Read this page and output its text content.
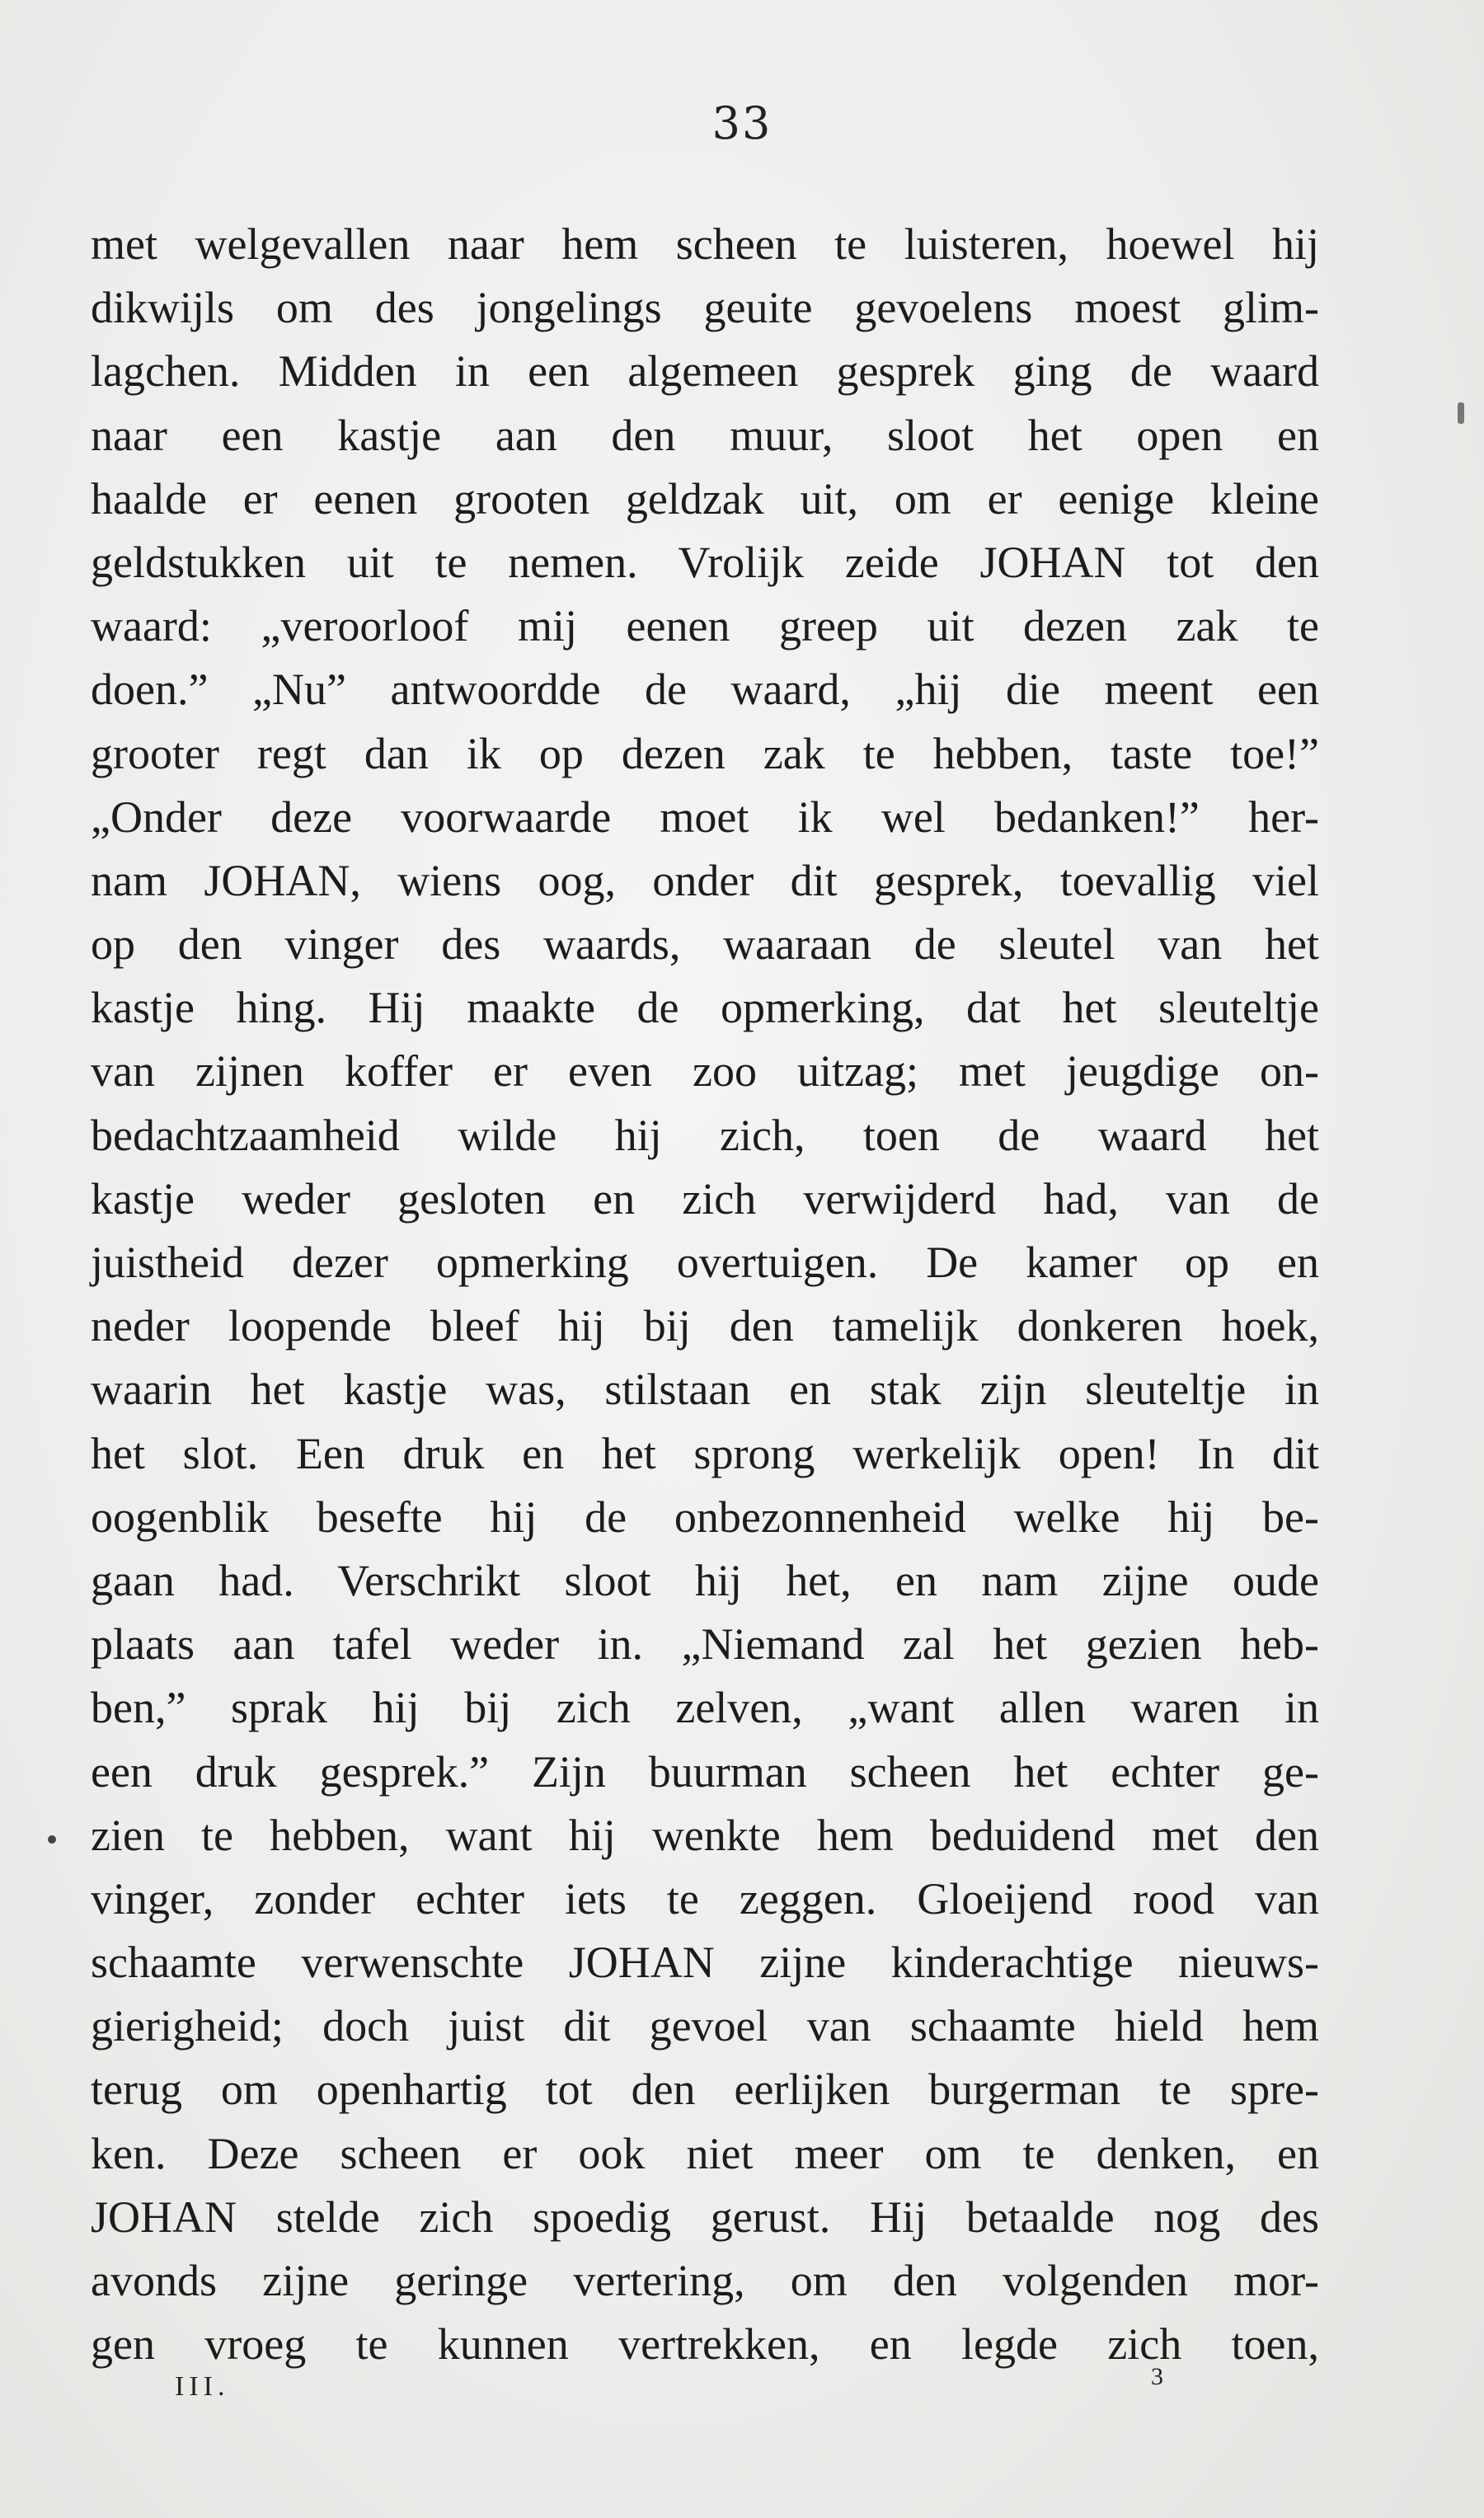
33
met welgevallen naar hem scheen te luisteren, hoewel hij
dikwijls om des jongelings geuite gevoelens moest glim-
lagchen. Midden in een algemeen gesprek ging de waard
naar een kastje aan den muur, sloot het open en
haalde er eenen grooten geldzak uit, om er eenige kleine
geldstukken uit te nemen. Vrolijk zeide JOHAN tot den
waard: „veroorloof mij eenen greep uit dezen zak te
doen.” „Nu” antwoordde de waard, „hij die meent een
grooter regt dan ik op dezen zak te hebben, taste toe!”
„Onder deze voorwaarde moet ik wel bedanken!” her-
nam JOHAN, wiens oog, onder dit gesprek, toevallig viel
op den vinger des waards, waaraan de sleutel van het
kastje hing. Hij maakte de opmerking, dat het sleuteltje
van zijnen koffer er even zoo uitzag; met jeugdige on-
bedachtzaamheid wilde hij zich, toen de waard het
kastje weder gesloten en zich verwijderd had, van de
juistheid dezer opmerking overtuigen. De kamer op en
neder loopende bleef hij bij den tamelijk donkeren hoek,
waarin het kastje was, stilstaan en stak zijn sleuteltje in
het slot. Een druk en het sprong werkelijk open! In dit
oogenblik besefte hij de onbezonnenheid welke hij be-
gaan had. Verschrikt sloot hij het, en nam zijne oude
plaats aan tafel weder in. „Niemand zal het gezien heb-
ben,” sprak hij bij zich zelven, „want allen waren in
een druk gesprek.” Zijn buurman scheen het echter ge-
zien te hebben, want hij wenkte hem beduidend met den
vinger, zonder echter iets te zeggen. Gloeijend rood van
schaamte verwenschte JOHAN zijne kinderachtige nieuws-
gierigheid; doch juist dit gevoel van schaamte hield hem
terug om openhartig tot den eerlijken burgerman te spre-
ken. Deze scheen er ook niet meer om te denken, en
JOHAN stelde zich spoedig gerust. Hij betaalde nog des
avonds zijne geringe vertering, om den volgenden mor-
gen vroeg te kunnen vertrekken, en legde zich toen,
III.	3
